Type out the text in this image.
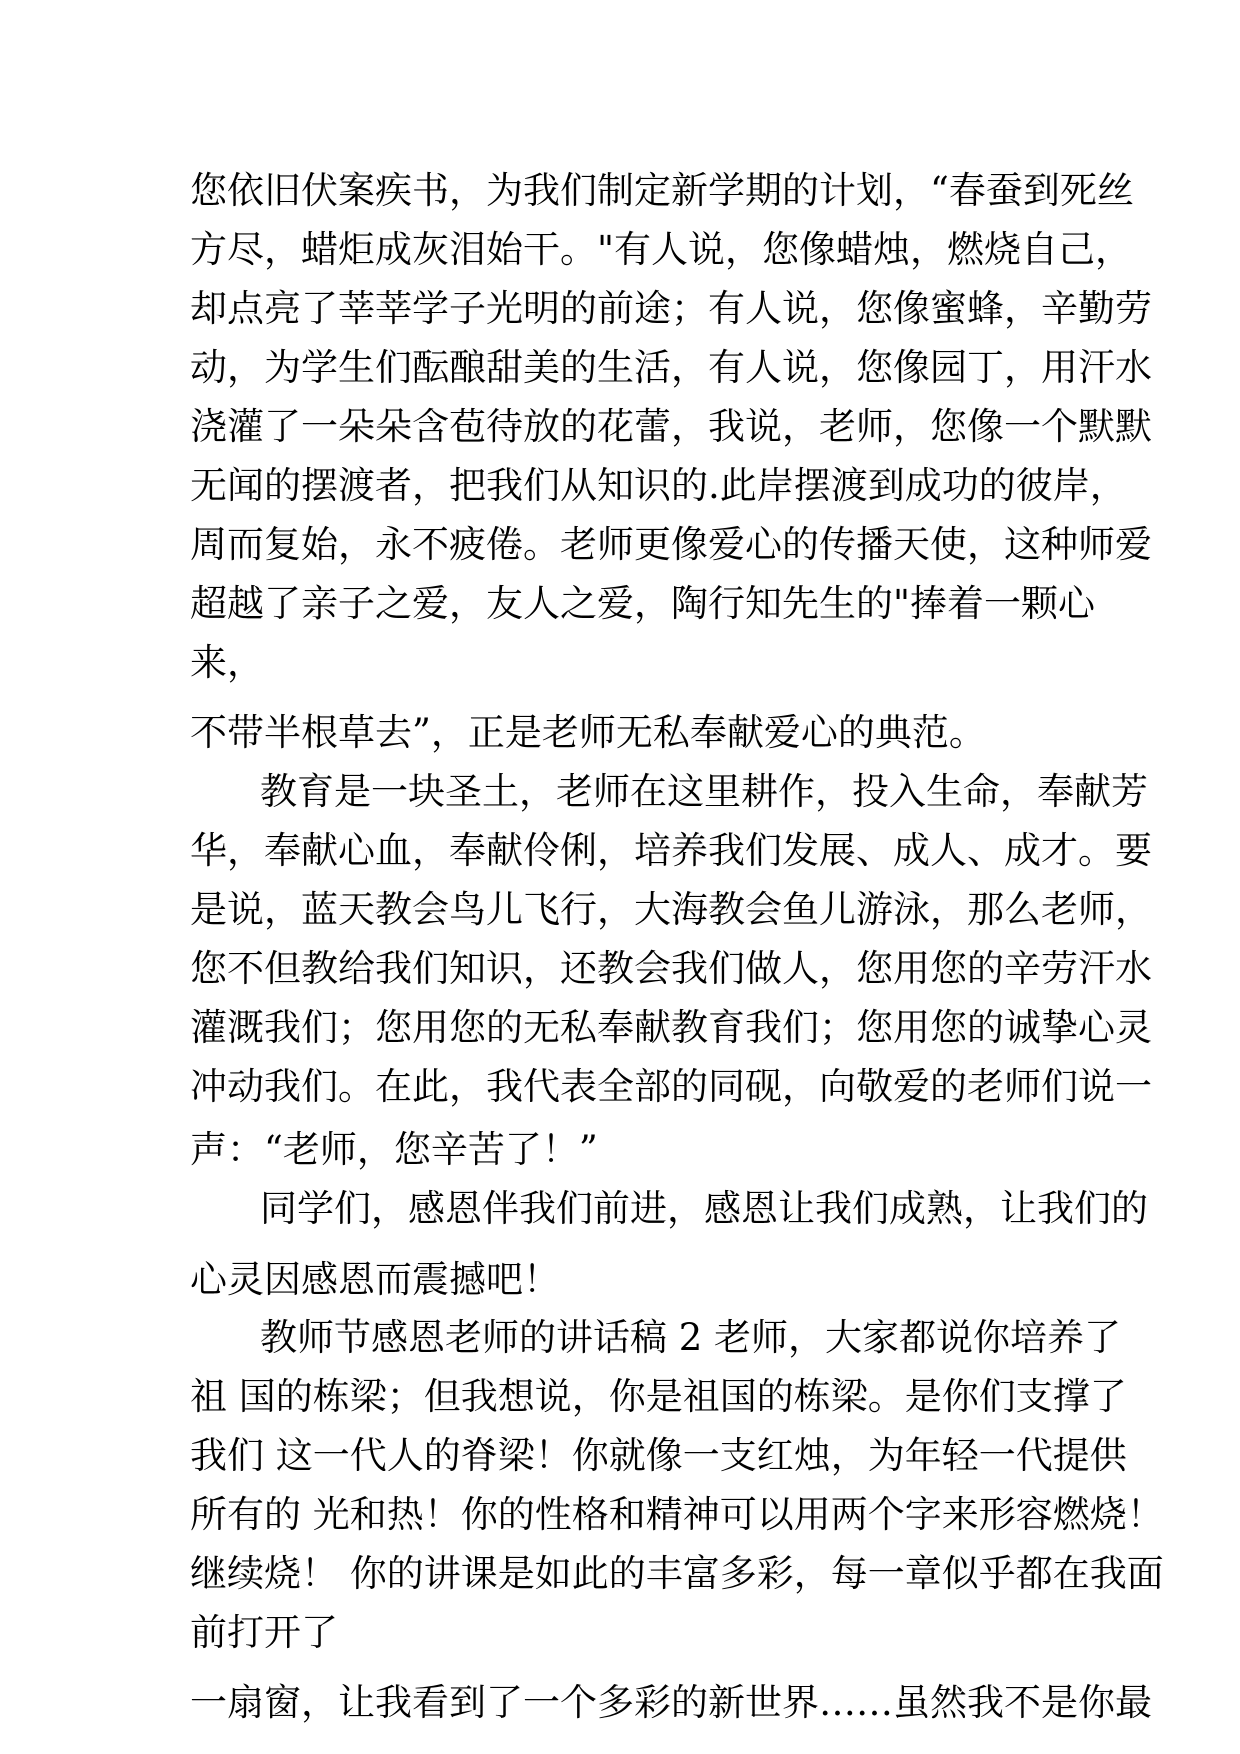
您依旧伏案疾书，为我们制定新学期的计划，“春蚕到死丝
方尽，蜡炬成灰泪始干。"有人说，您像蜡烛，燃烧自己，
却点亮了莘莘学子光明的前途；有人说，您像蜜蜂，辛勤劳
动，为学生们酝酿甜美的生活，有人说，您像园丁，用汗水
浇灌了一朵朵含苞待放的花蕾，我说，老师，您像一个默默
无闻的摆渡者，把我们从知识的.此岸摆渡到成功的彼岸，
周而复始，永不疲倦。老师更像爱心的传播天使，这种师爱
超越了亲子之爱，友人之爱，陶行知先生的"捧着一颗心
来，
不带半根草去”，正是老师无私奉献爱心的典范。
教育是一块圣土，老师在这里耕作，投入生命，奉献芳
华，奉献心血，奉献伶俐，培养我们发展、成人、成才。要
是说，蓝天教会鸟儿飞行，大海教会鱼儿游泳，那么老师，
您不但教给我们知识，还教会我们做人，您用您的辛劳汗水
灌溉我们；您用您的无私奉献教育我们；您用您的诚挚心灵
冲动我们。在此，我代表全部的同砚，向敬爱的老师们说一
声：“老师，您辛苦了！”
同学们，感恩伴我们前进，感恩让我们成熟，让我们的
心灵因感恩而震撼吧！
教师节感恩老师的讲话稿 2 老师，大家都说你培养了
祖 国的栋梁；但我想说，你是祖国的栋梁。是你们支撑了
我们 这一代人的脊梁！你就像一支红烛，为年轻一代提供
所有的 光和热！你的性格和精神可以用两个字来形容燃烧！
继续烧！ 你的讲课是如此的丰富多彩，每一章似乎都在我面
前打开了
一扇窗，让我看到了一个多彩的新世界……虽然我不是你最
